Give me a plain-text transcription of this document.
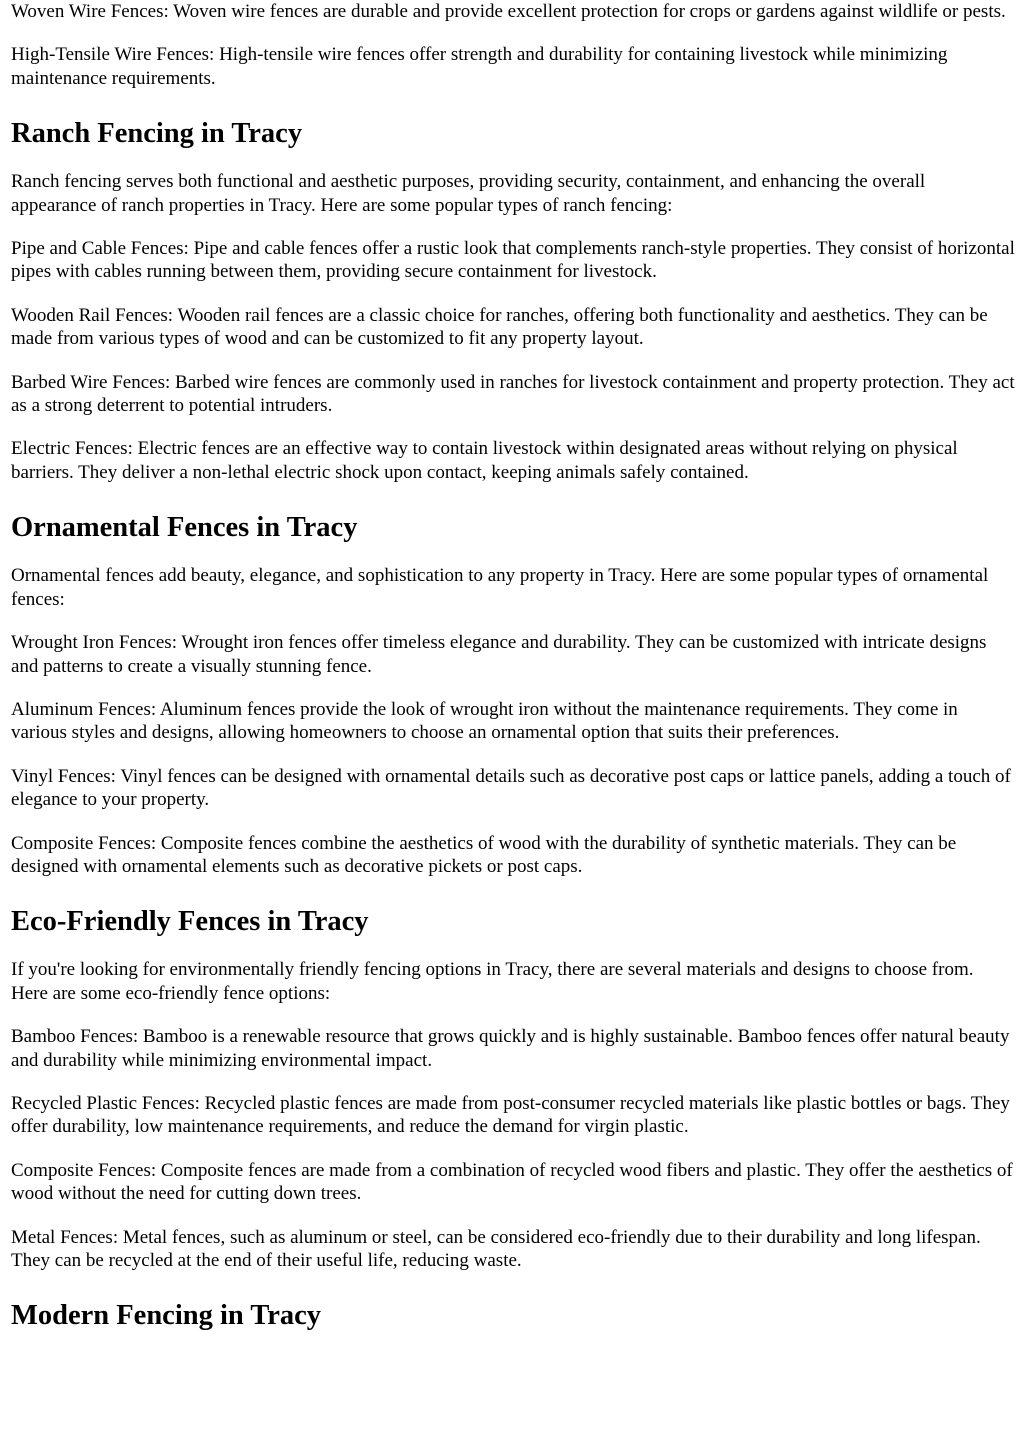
Woven Wire Fences: Woven wire fences are durable and provide excellent protection for crops or gardens against wildlife or pests.

High-Tensile Wire Fences: High-tensile wire fences offer strength and durability for containing livestock while minimizing maintenance requirements.

Ranch Fencing in Tracy

Ranch fencing serves both functional and aesthetic purposes, providing security, containment, and enhancing the overall appearance of ranch properties in Tracy. Here are some popular types of ranch fencing:

Pipe and Cable Fences: Pipe and cable fences offer a rustic look that complements ranch-style properties. They consist of horizontal pipes with cables running between them, providing secure containment for livestock.

Wooden Rail Fences: Wooden rail fences are a classic choice for ranches, offering both functionality and aesthetics. They can be made from various types of wood and can be customized to fit any property layout.

Barbed Wire Fences: Barbed wire fences are commonly used in ranches for livestock containment and property protection. They act as a strong deterrent to potential intruders.

Electric Fences: Electric fences are an effective way to contain livestock within designated areas without relying on physical barriers. They deliver a non-lethal electric shock upon contact, keeping animals safely contained.

Ornamental Fences in Tracy

Ornamental fences add beauty, elegance, and sophistication to any property in Tracy. Here are some popular types of ornamental fences:

Wrought Iron Fences: Wrought iron fences offer timeless elegance and durability. They can be customized with intricate designs and patterns to create a visually stunning fence.

Aluminum Fences: Aluminum fences provide the look of wrought iron without the maintenance requirements. They come in various styles and designs, allowing homeowners to choose an ornamental option that suits their preferences.

Vinyl Fences: Vinyl fences can be designed with ornamental details such as decorative post caps or lattice panels, adding a touch of elegance to your property.

Composite Fences: Composite fences combine the aesthetics of wood with the durability of synthetic materials. They can be designed with ornamental elements such as decorative pickets or post caps.

Eco-Friendly Fences in Tracy

If you're looking for environmentally friendly fencing options in Tracy, there are several materials and designs to choose from. Here are some eco-friendly fence options:

Bamboo Fences: Bamboo is a renewable resource that grows quickly and is highly sustainable. Bamboo fences offer natural beauty and durability while minimizing environmental impact.

Recycled Plastic Fences: Recycled plastic fences are made from post-consumer recycled materials like plastic bottles or bags. They offer durability, low maintenance requirements, and reduce the demand for virgin plastic.

Composite Fences: Composite fences are made from a combination of recycled wood fibers and plastic. They offer the aesthetics of wood without the need for cutting down trees.

Metal Fences: Metal fences, such as aluminum or steel, can be considered eco-friendly due to their durability and long lifespan. They can be recycled at the end of their useful life, reducing waste.

Modern Fencing in Tracy
